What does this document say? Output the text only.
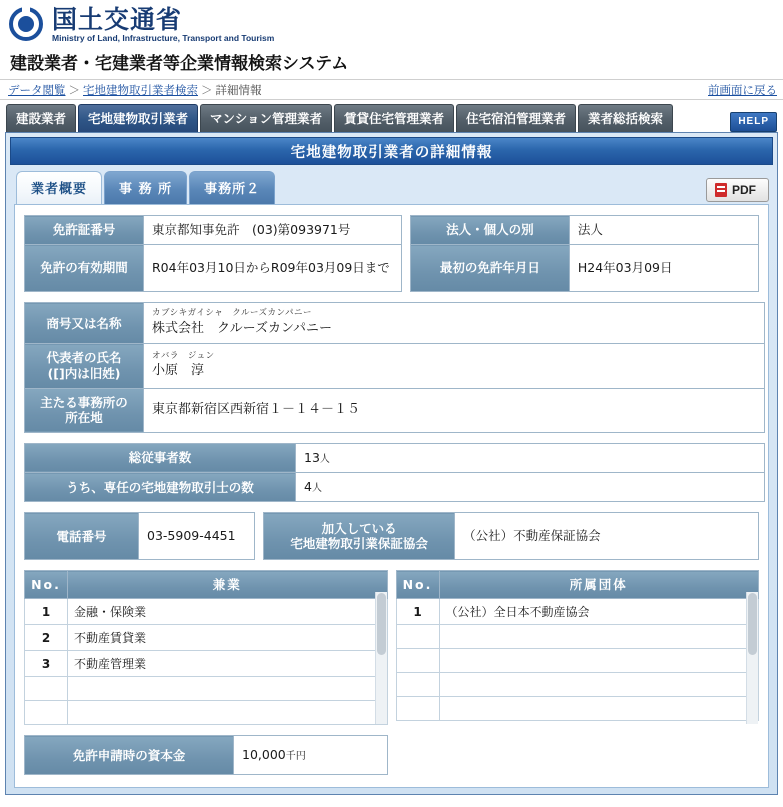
国土交通省
Ministry of Land, Infrastructure, Transport and Tourism
建設業者・宅建業者等企業情報検索システム
データ閲覧 ＞ 宅地建物取引業者検索 ＞ 詳細情報	前画面に戻る
建設業者	宅地建物取引業者	マンション管理業者	賃貸住宅管理業者	住宅宿泊管理業者	業者総括検索	HELP
宅地建物取引業者の詳細情報
業者概要	事 務 所	事務所２	PDF
免許証番号	東京都知事免許　(03)第093971号
免許の有効期間	R04年03月10日からR09年03月09日まで
法人・個人の別	法人
最初の免許年月日	H24年03月09日
商号又は名称	カブシキガイシャ　クルーズカンパニー
株式会社　クルーズカンパニー
代表者の氏名
([]内は旧姓)	オバラ　ジュン
小原　淳
主たる事務所の
所在地	東京都新宿区西新宿１－１４－１５
総従事者数	13人
うち、専任の宅地建物取引士の数	4人
電話番号	03-5909-4451	加入している
宅地建物取引業保証協会	（公社）不動産保証協会
No.	兼業
1	金融・保険業
2	不動産賃貸業
3	不動産管理業

No.	所属団体
1	（公社）全日本不動産協会

免許申請時の資本金	10,000千円
